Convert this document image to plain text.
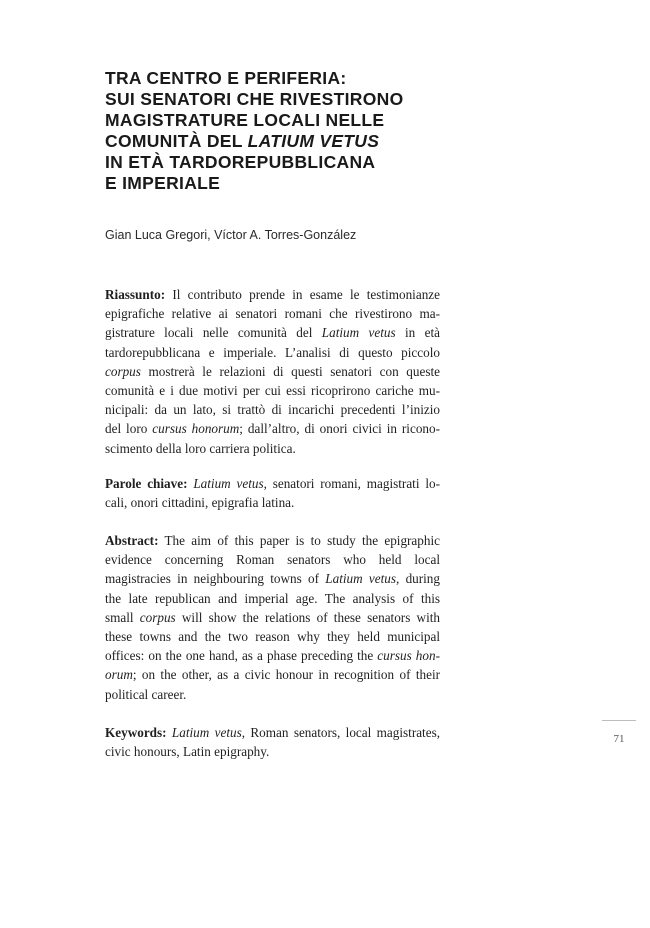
TRA CENTRO E PERIFERIA:
SUI SENATORI CHE RIVESTIRONO
MAGISTRATURE LOCALI NELLE
COMUNITÀ DEL LATIUM VETUS
IN ETÀ TARDOREPUBBLICANA
E IMPERIALE
Gian Luca Gregori, Víctor A. Torres-González
Riassunto: Il contributo prende in esame le testimonianze
epigrafiche relative ai senatori romani che rivestirono ma-
gistrature locali nelle comunità del Latium vetus in età
tardorepubblicana e imperiale. L’analisi di questo piccolo
corpus mostrerà le relazioni di questi senatori con queste
comunità e i due motivi per cui essi ricoprirono cariche mu-
nicipali: da un lato, si trattò di incarichi precedenti l’inizio
del loro cursus honorum; dall’altro, di onori civici in ricono-
scimento della loro carriera politica.
Parole chiave: Latium vetus, senatori romani, magistrati lo-
cali, onori cittadini, epigrafia latina.
Abstract: The aim of this paper is to study the epigraphic
evidence concerning Roman senators who held local
magistracies in neighbouring towns of Latium vetus, during
the late republican and imperial age. The analysis of this
small corpus will show the relations of these senators with
these towns and the two reason why they held municipal
offices: on the one hand, as a phase preceding the cursus hon-
orum; on the other, as a civic honour in recognition of their
political career.
Keywords: Latium vetus, Roman senators, local magistrates,
civic honours, Latin epigraphy.
71
